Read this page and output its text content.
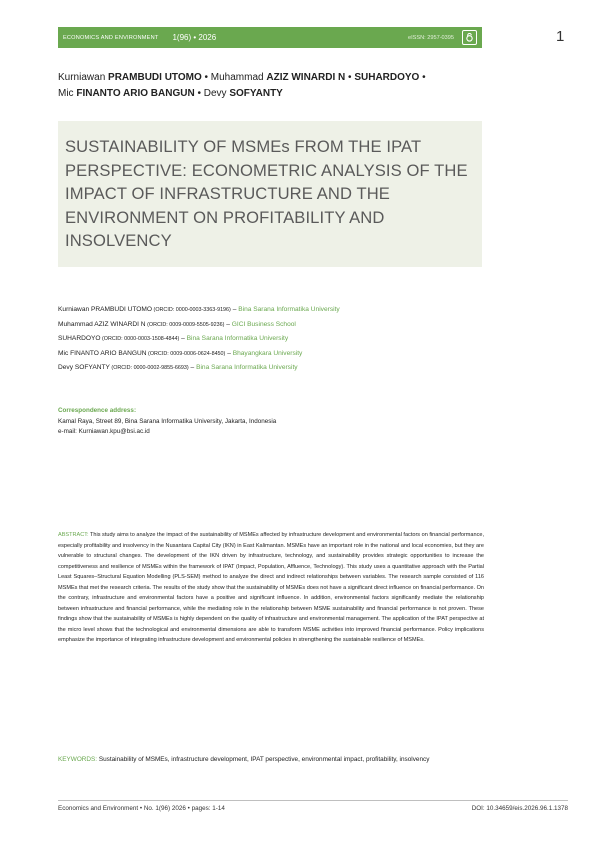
ECONOMICS AND ENVIRONMENT 1(96) • 2026	eISSN: 2957-0395	1
Kurniawan PRAMBUDI UTOMO • Muhammad AZIZ WINARDI N • SUHARDOYO •
Mic FINANTO ARIO BANGUN • Devy SOFYANTY
SUSTAINABILITY OF MSMEs FROM THE IPAT PERSPECTIVE: ECONOMETRIC ANALYSIS OF THE IMPACT OF INFRASTRUCTURE AND THE ENVIRONMENT ON PROFITABILITY AND INSOLVENCY
Kurniawan PRAMBUDI UTOMO (ORCID: 0000-0003-3363-9196) – Bina Sarana Informatika University
Muhammad AZIZ WINARDI N (ORCID: 0009-0009-5505-9236) – GICI Business School
SUHARDOYO (ORCID: 0000-0003-1508-4844) – Bina Sarana Informatika University
Mic FINANTO ARIO BANGUN (ORCID: 0009-0006-0624-8450) – Bhayangkara University
Devy SOFYANTY (ORCID: 0000-0002-9855-6693) – Bina Sarana Informatika University
Correspondence address:
Kamal Raya, Street 89, Bina Sarana Informatika University, Jakarta, Indonesia
e-mail: Kurniawan.kpu@bsi.ac.id
ABSTRACT: This study aims to analyze the impact of the sustainability of MSMEs affected by infrastructure development and environmental factors on financial performance, especially profitability and insolvency in the Nusantara Capital City (IKN) in East Kalimantan. MSMEs have an important role in the national and local economies, but they are vulnerable to structural changes. The development of the IKN driven by infrastructure, technology, and sustainability provides strategic opportunities to increase the competitiveness and resilience of MSMEs within the framework of IPAT (Impact, Population, Affluence, Technology). This study uses a quantitative approach with the Partial Least Squares–Structural Equation Modelling (PLS-SEM) method to analyze the direct and indirect relationships between variables. The research sample consisted of 116 MSMEs that met the research criteria. The results of the study show that the sustainability of MSMEs does not have a significant direct influence on financial performance. On the contrary, infrastructure and environmental factors have a positive and significant influence. In addition, environmental factors significantly mediate the relationship between infrastructure and financial performance, while the mediating role in the relationship between MSME sustainability and financial performance is not proven. These findings show that the sustainability of MSMEs is highly dependent on the quality of infrastructure and environmental management. The application of the IPAT perspective at the micro level shows that the technological and environmental dimensions are able to transform MSME activities into improved financial performance. Policy implications emphasize the importance of integrating infrastructure development and environmental policies in strengthening the sustainable resilience of MSMEs.
KEYWORDS: Sustainability of MSMEs, infrastructure development, IPAT perspective, environmental impact, profitability, insolvency
Economics and Environment • No. 1(96) 2026 • pages: 1-14	DOI: 10.34659/eis.2026.96.1.1378
